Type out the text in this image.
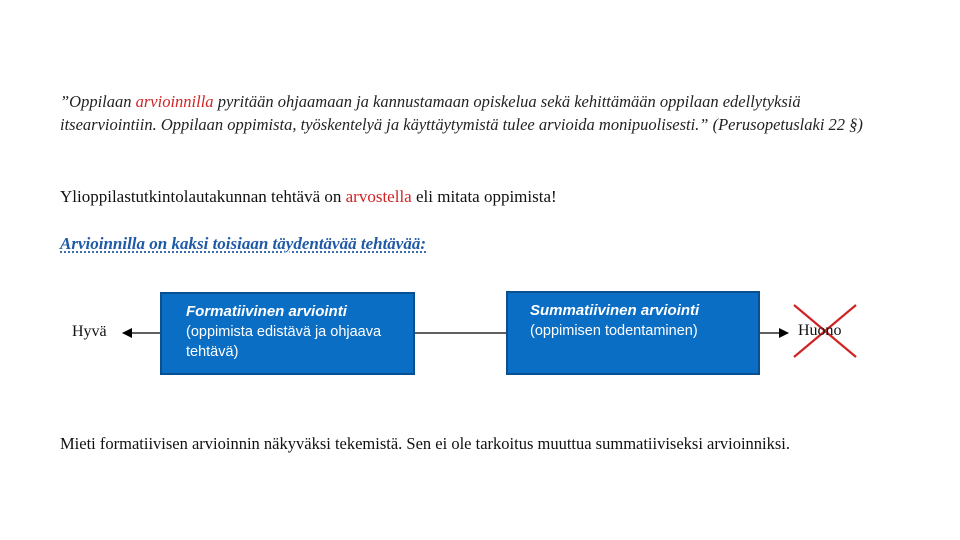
”Oppilaan arvioinnilla pyritään ohjaamaan ja kannustamaan opiskelua sekä kehittämään oppilaan edellytyksiä itsearviointiin. Oppilaan oppimista, työskentelyä ja käyttäytymistä tulee arvioida monipuolisesti.” (Perusopetuslaki 22 §)
Ylioppilastutkintolautakunnan tehtävä on arvostella eli mitata oppimista!
Arvioinnilla on kaksi toisiaan täydentävää tehtävää:
Hyvä
Formatiivinen arviointi
(oppimista edistävä ja ohjaava tehtävä)
Summatiivinen arviointi
(oppimisen todentaminen)	Huono
Mieti formatiivisen arvioinnin näkyväksi tekemistä. Sen ei ole tarkoitus muuttua summatiiviseksi arvioinniksi.
